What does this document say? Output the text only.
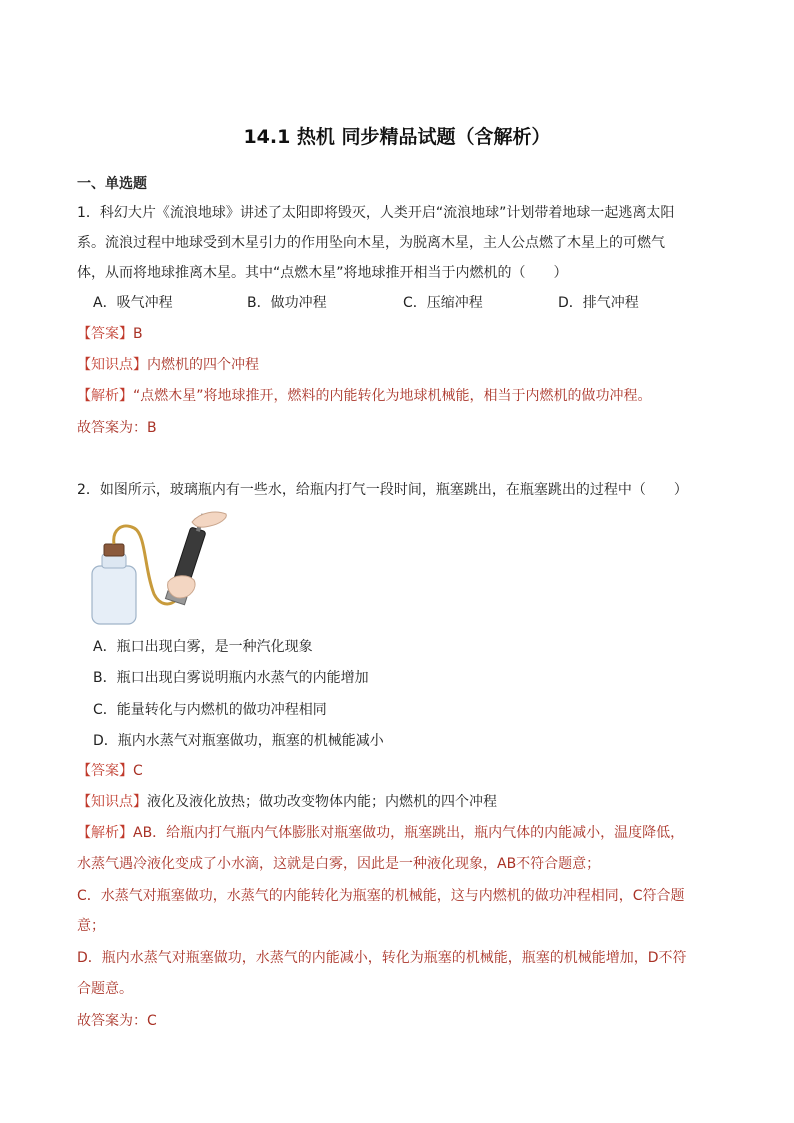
14.1 热机 同步精品试题（含解析）
一、单选题
1．科幻大片《流浪地球》讲述了太阳即将毁灭，人类开启“流浪地球”计划带着地球一起逃离太阳
系。流浪过程中地球受到木星引力的作用坠向木星，为脱离木星，主人公点燃了木星上的可燃气
体，从而将地球推离木星。其中“点燃木星”将地球推开相当于内燃机的（　　）
A．吸气冲程	B．做功冲程	C．压缩冲程	D．排气冲程
【答案】B
【知识点】内燃机的四个冲程
【解析】“点燃木星”将地球推开，燃料的内能转化为地球机械能，相当于内燃机的做功冲程。
故答案为：B
2．如图所示，玻璃瓶内有一些水，给瓶内打气一段时间，瓶塞跳出，在瓶塞跳出的过程中（　　）
A．瓶口出现白雾，是一种汽化现象
B．瓶口出现白雾说明瓶内水蒸气的内能增加
C．能量转化与内燃机的做功冲程相同
D．瓶内水蒸气对瓶塞做功，瓶塞的机械能减小
【答案】C
【知识点】液化及液化放热；做功改变物体内能；内燃机的四个冲程
【解析】AB．给瓶内打气瓶内气体膨胀对瓶塞做功，瓶塞跳出，瓶内气体的内能减小，温度降低，
水蒸气遇冷液化变成了小水滴，这就是白雾，因此是一种液化现象，AB不符合题意；
C．水蒸气对瓶塞做功，水蒸气的内能转化为瓶塞的机械能，这与内燃机的做功冲程相同，C符合题
意；
D．瓶内水蒸气对瓶塞做功，水蒸气的内能减小，转化为瓶塞的机械能，瓶塞的机械能增加，D不符
合题意。
故答案为：C
